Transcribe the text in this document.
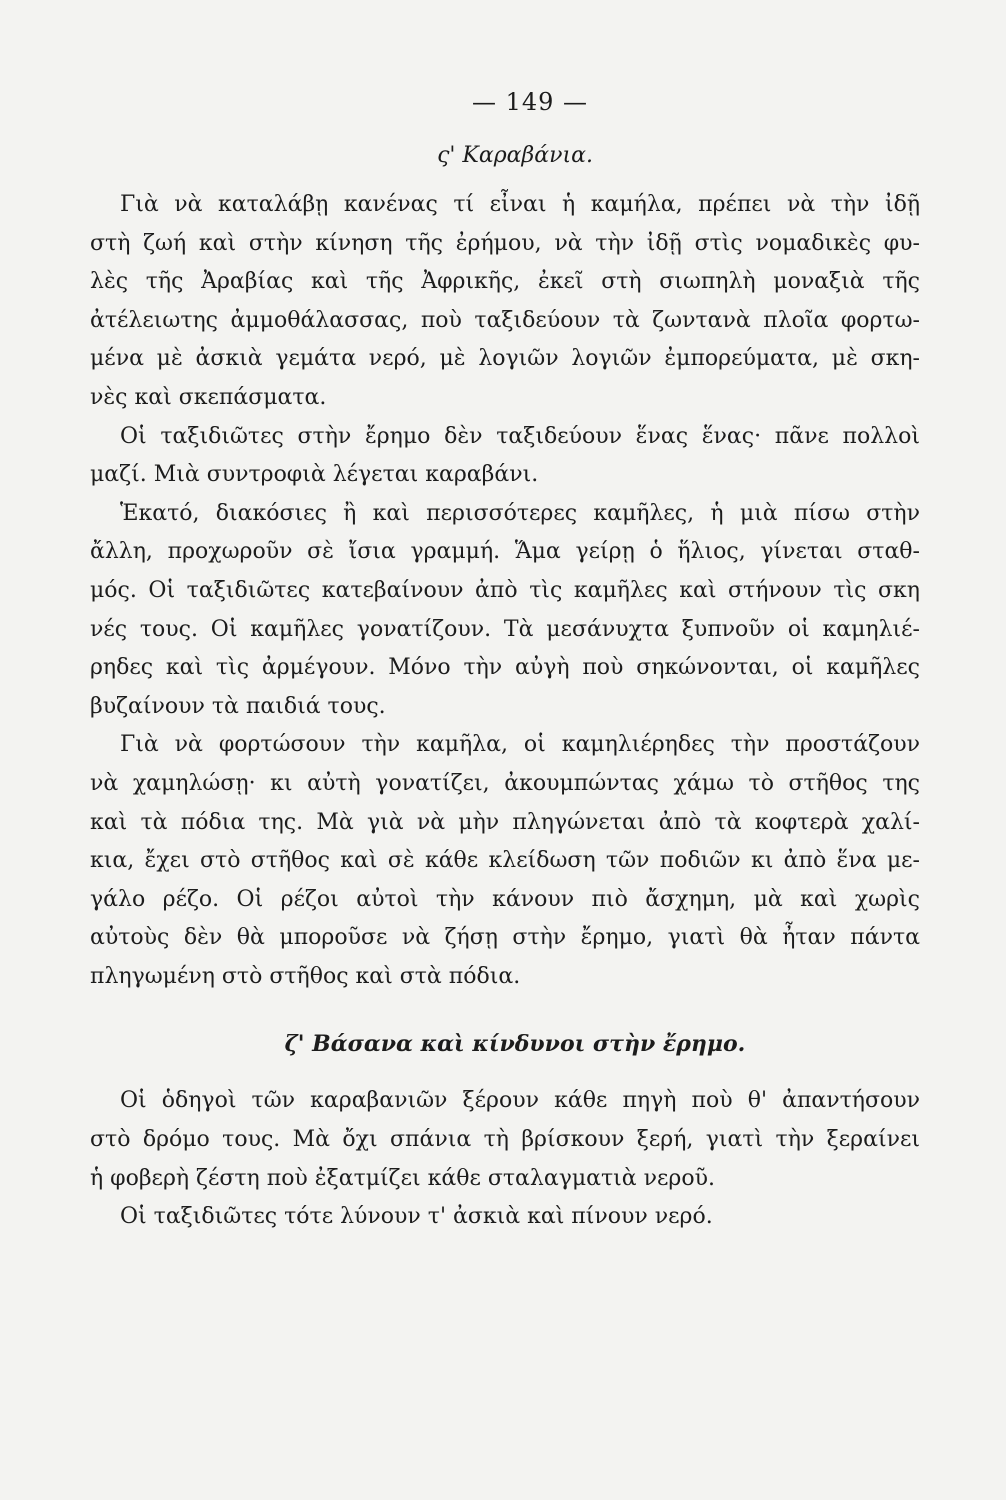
— 149 —
ς' Καραβάνια.
Γιὰ νὰ καταλάβῃ κανένας τί εἶναι ἡ καμήλα, πρέπει νὰ τὴν ἰδῇ
στὴ ζωή καὶ στὴν κίνηση τῆς ἐρήμου, νὰ τὴν ἰδῇ στὶς νομαδικὲς φυ-
λὲς τῆς Ἀραβίας καὶ τῆς Ἀφρικῆς, ἐκεῖ στὴ σιωπηλὴ μοναξιὰ τῆς
ἀτέλειωτης ἀμμοθάλασσας, ποὺ ταξιδεύουν τὰ ζωντανὰ πλοῖα φορτω-
μένα μὲ ἀσκιὰ γεμάτα νερό, μὲ λογιῶν λογιῶν ἐμπορεύματα, μὲ σκη-
νὲς καὶ σκεπάσματα.
Οἱ ταξιδιῶτες στὴν ἔρημο δὲν ταξιδεύουν ἕνας ἕνας· πᾶνε πολλοὶ
μαζί. Μιὰ συντροφιὰ λέγεται καραβάνι.
Ἑκατό, διακόσιες ἢ καὶ περισσότερες καμῆλες, ἡ μιὰ πίσω στὴν
ἄλλη, προχωροῦν σὲ ἴσια γραμμή. Ἅμα γείρῃ ὁ ἥλιος, γίνεται σταθ-
μός. Οἱ ταξιδιῶτες κατεβαίνουν ἀπὸ τὶς καμῆλες καὶ στήνουν τὶς σκη
νές τους. Οἱ καμῆλες γονατίζουν. Τὰ μεσάνυχτα ξυπνοῦν οἱ καμηλιέ-
ρηδες καὶ τὶς ἀρμέγουν. Μόνο τὴν αὐγὴ ποὺ σηκώνονται, οἱ καμῆλες
βυζαίνουν τὰ παιδιά τους.
Γιὰ νὰ φορτώσουν τὴν καμῆλα, οἱ καμηλιέρηδες τὴν προστάζουν
νὰ χαμηλώσῃ· κι αὐτὴ γονατίζει, ἀκουμπώντας χάμω τὸ στῆθος της
καὶ τὰ πόδια της. Μὰ γιὰ νὰ μὴν πληγώνεται ἀπὸ τὰ κοφτερὰ χαλί-
κια, ἔχει στὸ στῆθος καὶ σὲ κάθε κλείδωση τῶν ποδιῶν κι ἀπὸ ἕνα με-
γάλο ρέζο. Οἱ ρέζοι αὐτοὶ τὴν κάνουν πιὸ ἄσχημη, μὰ καὶ χωρὶς
αὐτοὺς δὲν θὰ μποροῦσε νὰ ζήσῃ στὴν ἔρημο, γιατὶ θὰ ἦταν πάντα
πληγωμένη στὸ στῆθος καὶ στὰ πόδια.
ζ' Βάσανα καὶ κίνδυνοι στὴν ἔρημο.
Οἱ ὁδηγοὶ τῶν καραβανιῶν ξέρουν κάθε πηγὴ ποὺ θ' ἀπαντήσουν
στὸ δρόμο τους. Μὰ ὄχι σπάνια τὴ βρίσκουν ξερή, γιατὶ τὴν ξεραίνει
ἡ φοβερὴ ζέστη ποὺ ἐξατμίζει κάθε σταλαγματιὰ νεροῦ.
Οἱ ταξιδιῶτες τότε λύνουν τ' ἀσκιὰ καὶ πίνουν νερό.
